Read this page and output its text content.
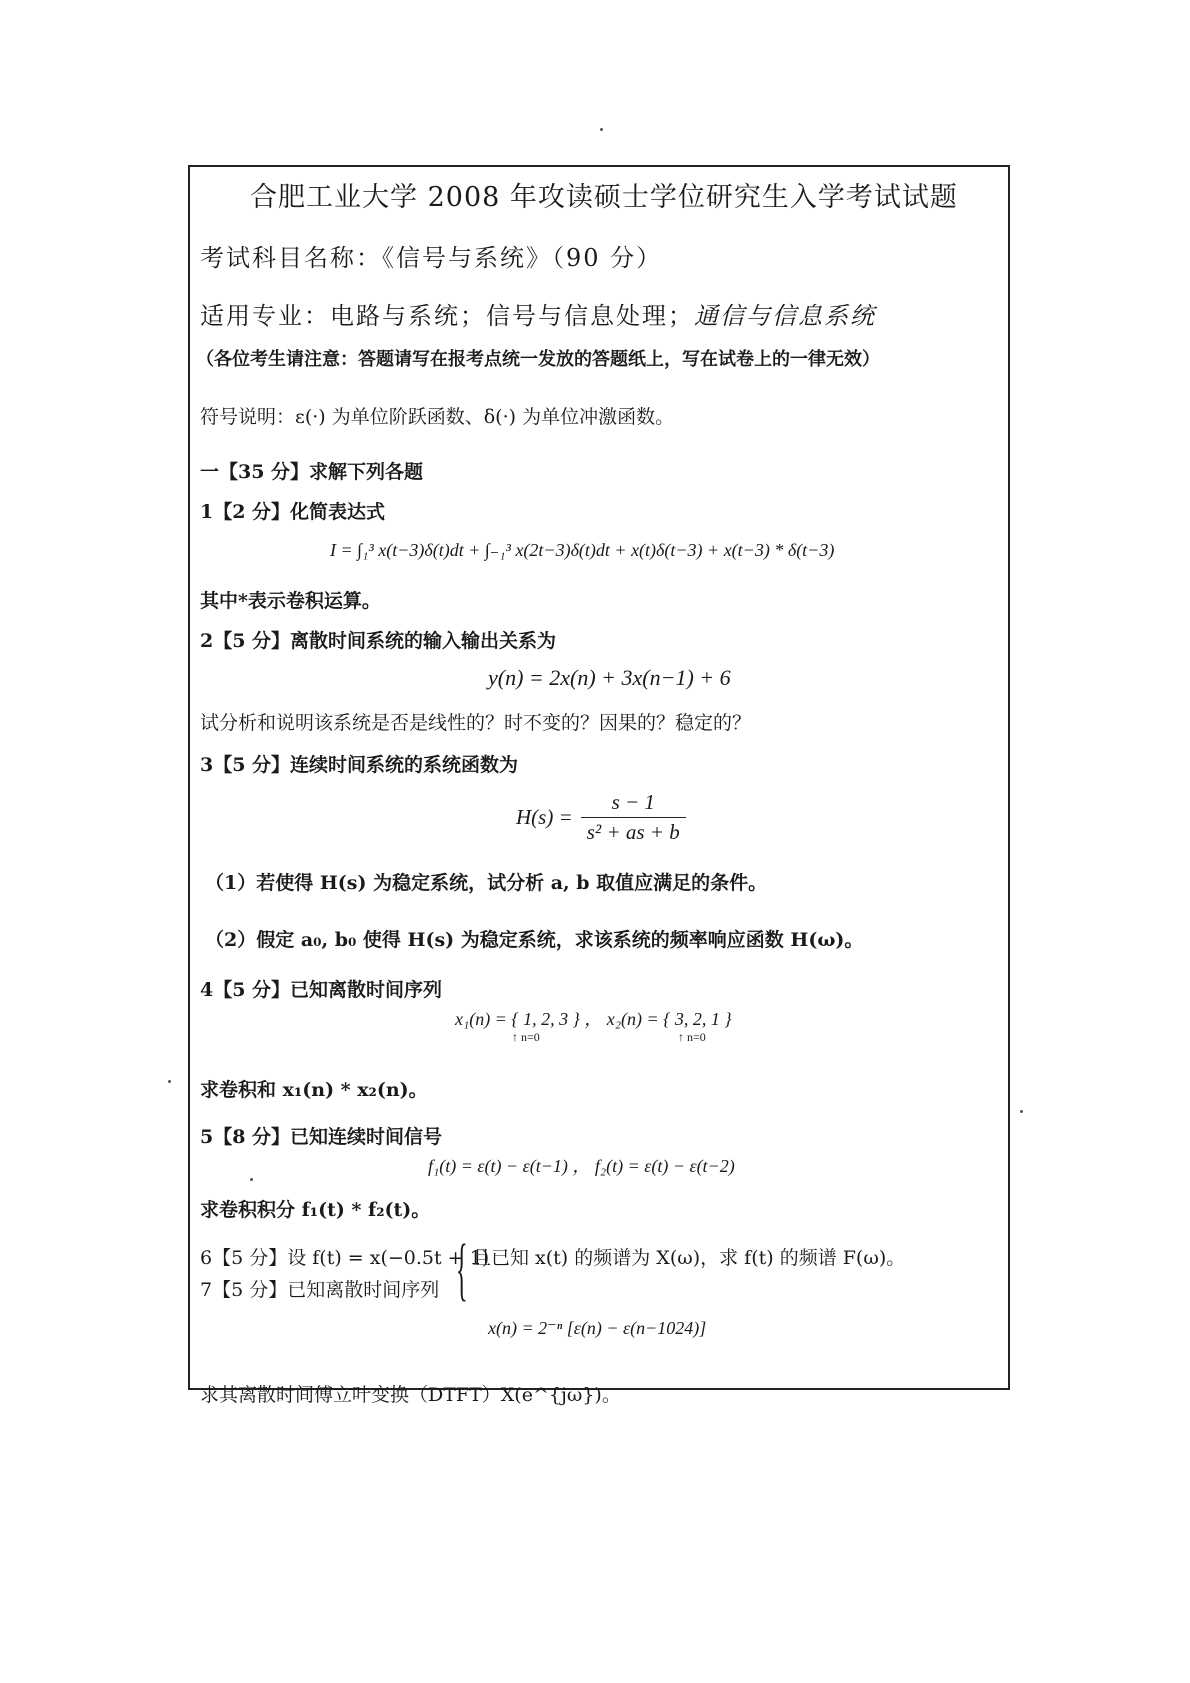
合肥工业大学 2008 年攻读硕士学位研究生入学考试试题
考试科目名称：《信号与系统》（90 分）
适用专业：电路与系统；信号与信息处理；通信与信息系统
（各位考生请注意：答题请写在报考点统一发放的答题纸上，写在试卷上的一律无效）
符号说明：ε(·) 为单位阶跃函数、δ(·) 为单位冲激函数。
一【35 分】求解下列各题
1【2 分】化简表达式
I = ∫₁³ x(t−3)δ(t)dt + ∫₋₁³ x(2t−3)δ(t)dt + x(t)δ(t−3) + x(t−3) * δ(t−3)
其中*表示卷积运算。
2【5 分】离散时间系统的输入输出关系为
y(n) = 2x(n) + 3x(n−1) + 6
试分析和说明该系统是否是线性的？时不变的？因果的？稳定的？
3【5 分】连续时间系统的系统函数为
$H(s) = \frac{s - 1}{\text{s² + as + b}}$
（1）若使得 H(s) 为稳定系统，试分析 a, b 取值应满足的条件。
（2）假定 a₀, b₀ 使得 H(s) 为稳定系统，求该系统的频率响应函数 H(ω)。
4【5 分】已知离散时间序列
x₁(n) = { 1, 2, 3 } ， x₂(n) = { 3, 2, 1 }
↑ n=0	↑ n=0
求卷积和 x₁(n) * x₂(n)。
5【8 分】已知连续时间信号
f₁(t) = ε(t) − ε(t−1) ， f₂(t) = ε(t) − ε(t−2)
求卷积积分 f₁(t) * f₂(t)。
6【5 分】设 f(t) = x(−0.5t + 1)
{ 且已知 x(t) 的频谱为 X(ω)，求 f(t) 的频谱 F(ω)。
7【5 分】已知离散时间序列
x(n) = 2⁻ⁿ [ε(n) − ε(n−1024)]
求其离散时间傅立叶变换（DTFT）X(e^{jω})。
